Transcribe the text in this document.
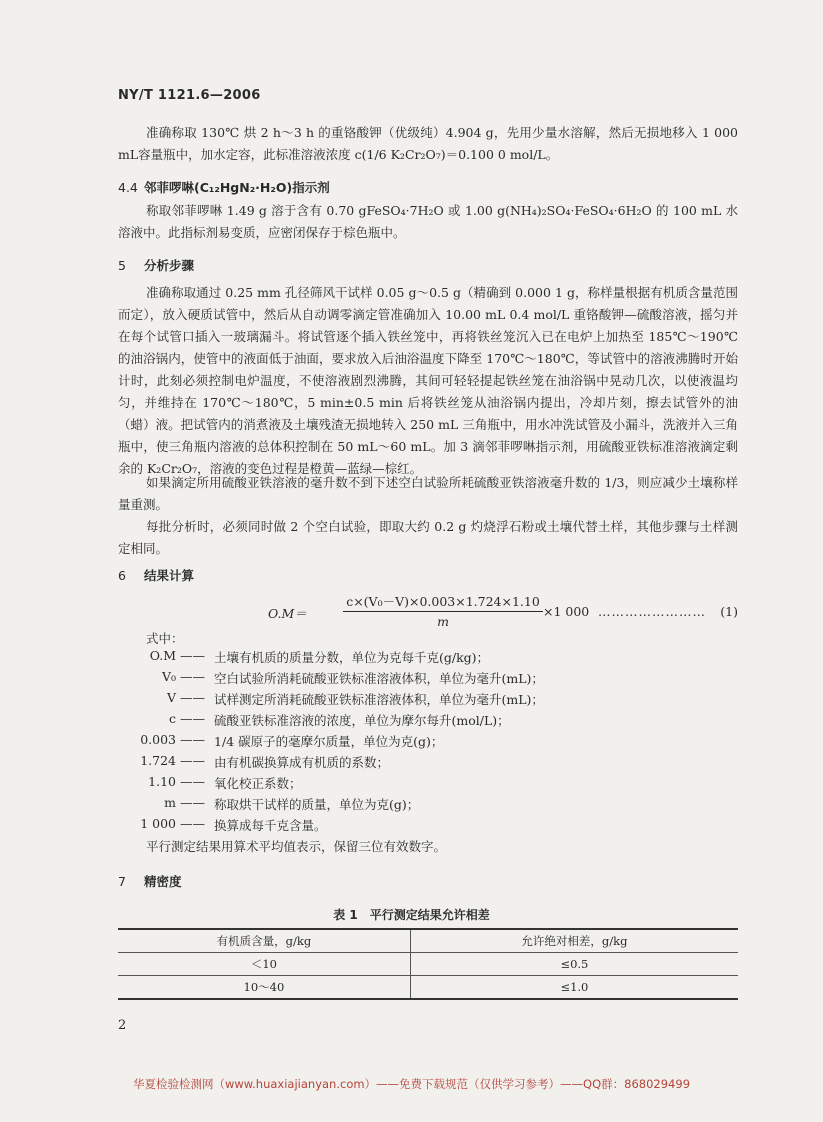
NY/T 1121.6—2006
准确称取 130℃ 烘 2 h～3 h 的重铬酸钾（优级纯）4.904 g，先用少量水溶解，然后无损地移入 1 000 mL容量瓶中，加水定容，此标准溶液浓度 c(1/6 K₂Cr₂O₇)＝0.100 0 mol/L。
4.4 邻菲啰啉(C₁₂HgN₂·H₂O)指示剂
称取邻菲啰啉 1.49 g 溶于含有 0.70 gFeSO₄·7H₂O 或 1.00 g(NH₄)₂SO₄·FeSO₄·6H₂O 的 100 mL 水溶液中。此指标剂易变质，应密闭保存于棕色瓶中。
5 分析步骤
准确称取通过 0.25 mm 孔径筛风干试样 0.05 g～0.5 g（精确到 0.000 1 g，称样量根据有机质含量范围而定），放入硬质试管中，然后从自动调零滴定管准确加入 10.00 mL 0.4 mol/L 重铬酸钾—硫酸溶液，摇匀并在每个试管口插入一玻璃漏斗。将试管逐个插入铁丝笼中，再将铁丝笼沉入已在电炉上加热至 185℃～190℃ 的油浴锅内，使管中的液面低于油面，要求放入后油浴温度下降至 170℃～180℃，等试管中的溶液沸腾时开始计时，此刻必须控制电炉温度，不使溶液剧烈沸腾，其间可轻轻提起铁丝笼在油浴锅中晃动几次，以使液温均匀，并维持在 170℃～180℃，5 min±0.5 min 后将铁丝笼从油浴锅内提出，冷却片刻，擦去试管外的油（蜡）液。把试管内的消煮液及土壤残渣无损地转入 250 mL 三角瓶中，用水冲洗试管及小漏斗，洗液并入三角瓶中，使三角瓶内溶液的总体积控制在 50 mL～60 mL。加 3 滴邻菲啰啉指示剂，用硫酸亚铁标准溶液滴定剩余的 K₂Cr₂O₇，溶液的变色过程是橙黄—蓝绿—棕红。
如果滴定所用硫酸亚铁溶液的毫升数不到下述空白试验所耗硫酸亚铁溶液毫升数的 1/3，则应减少土壤称样量重测。
每批分析时，必须同时做 2 个空白试验，即取大约 0.2 g 灼烧浮石粉或土壤代替土样，其他步骤与土样测定相同。
6 结果计算
O.M＝	$\frac{\text{c×(V₀－V)×0.003×1.724×1.10}}{m} \times 1$ 000 …………………… (1)
式中：
O.M —— 土壤有机质的质量分数，单位为克每千克(g/kg)；
V₀ —— 空白试验所消耗硫酸亚铁标准溶液体积，单位为毫升(mL)；
V —— 试样测定所消耗硫酸亚铁标准溶液体积，单位为毫升(mL)；
c —— 硫酸亚铁标准溶液的浓度，单位为摩尔每升(mol/L)；
0.003 —— 1/4 碳原子的毫摩尔质量，单位为克(g)；
1.724 —— 由有机碳换算成有机质的系数；
1.10 —— 氧化校正系数；
m —— 称取烘干试样的质量，单位为克(g)；
1 000 —— 换算成每千克含量。
平行测定结果用算术平均值表示，保留三位有效数字。
7 精密度
表 1　平行测定结果允许相差
有机质含量，g/kg	允许绝对相差，g/kg
＜10	≤0.5
10～40	≤1.0
2
华夏检验检测网（www.huaxiajianyan.com）——免费下载规范（仅供学习参考）——QQ群：868029499
